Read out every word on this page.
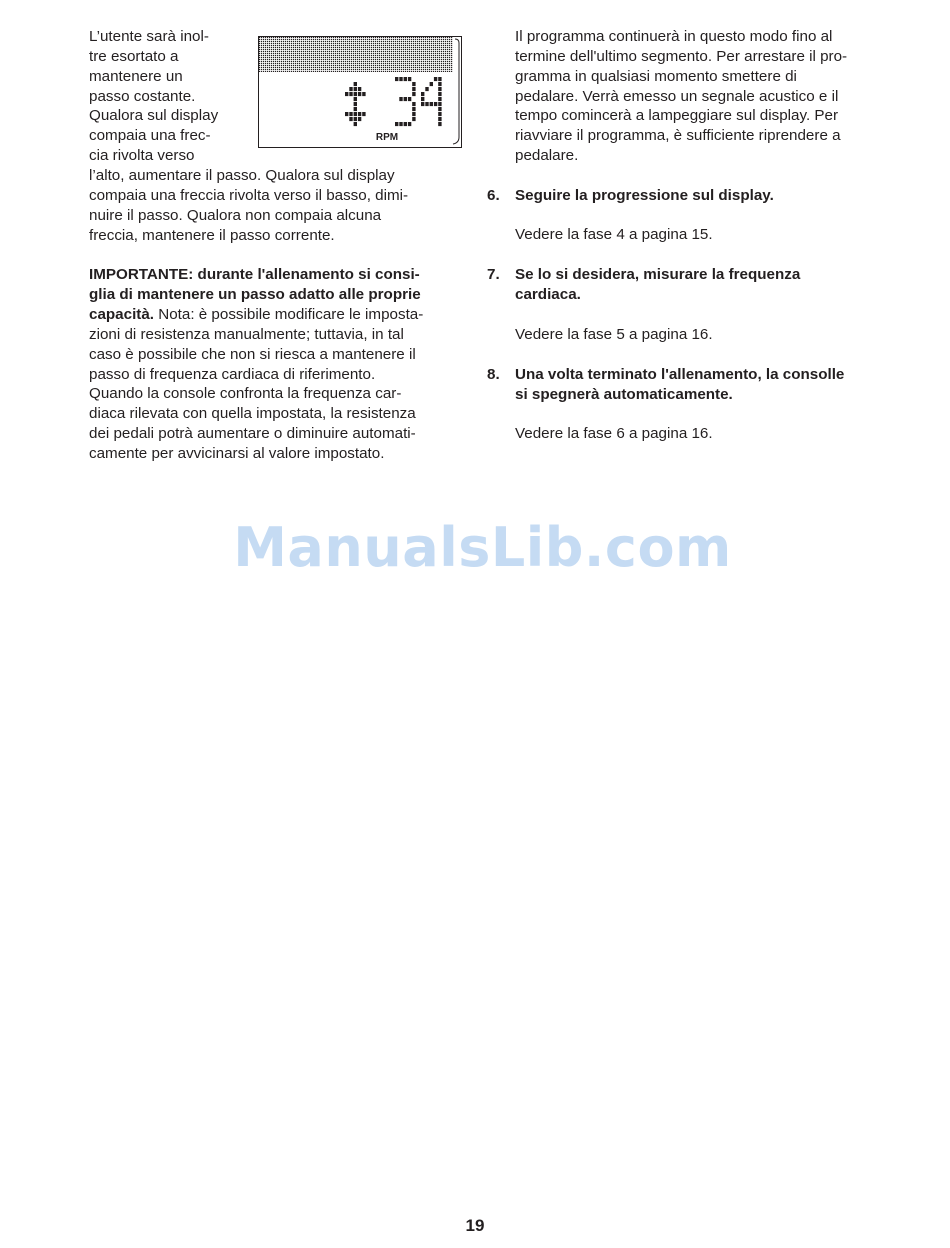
L’utente sarà inol-

tre esortato a

mantenere un

passo costante.

Qualora sul display

compaia una frec-

cia rivolta verso

l’alto, aumentare il passo. Qualora sul display

compaia una freccia rivolta verso il basso, dimi-

nuire il passo. Qualora non compaia alcuna

freccia, mantenere il passo corrente.

IMPORTANTE: durante l'allenamento si consi-

glia di mantenere un passo adatto alle proprie

capacità. Nota: è possibile modificare le imposta-

zioni di resistenza manualmente; tuttavia, in tal

caso è possibile che non si riesca a mantenere il

passo di frequenza cardiaca di riferimento.

Quando la console confronta la frequenza car-

diaca rilevata con quella impostata, la resistenza

dei pedali potrà aumentare o diminuire automati-

camente per avvicinarsi al valore impostato.

RPM

Il programma continuerà in questo modo fino al

termine dell'ultimo segmento. Per arrestare il pro-

gramma in qualsiasi momento smettere di

pedalare. Verrà emesso un segnale acustico e il

tempo comincerà a lampeggiare sul display. Per

riavviare il programma, è sufficiente riprendere a

pedalare.

6. Seguire la progressione sul display.

Vedere la fase 4 a pagina 15.

7. Se lo si desidera, misurare la frequenza

cardiaca.

Vedere la fase 5 a pagina 16.

8. Una volta terminato l'allenamento, la consolle

si spegnerà automaticamente.

Vedere la fase 6 a pagina 16.

ManualsLib.com
19
